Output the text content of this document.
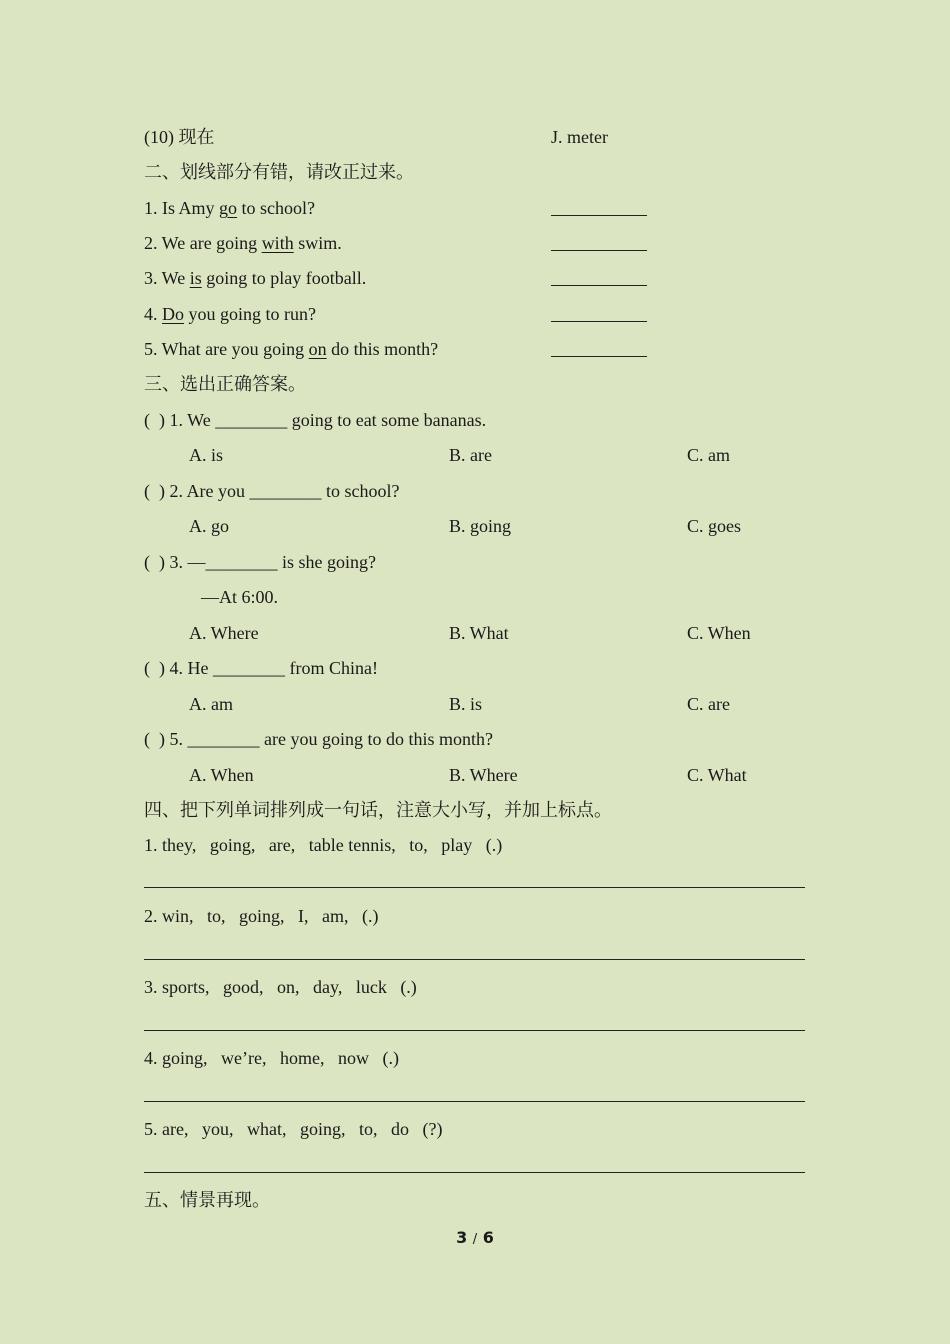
(10) 现在	J. meter
二、划线部分有错，请改正过来。
1. Is Amy go to school?
2. We are going with swim.
3. We is going to play football.
4. Do you going to run?
5. What are you going on do this month?
三、选出正确答案。
(  ) 1. We ________ going to eat some bananas.
A. is	B. are	C. am
(  ) 2. Are you ________ to school?
A. go	B. going	C. goes
(  ) 3. —________ is she going?
—At 6:00.
A. Where	B. What	C. When
(  ) 4. He ________ from China!
A. am	B. is	C. are
(  ) 5. ________ are you going to do this month?
A. When	B. Where	C. What
四、把下列单词排列成一句话，注意大小写，并加上标点。
1. they,   going,   are,   table tennis,   to,   play   (.)
2. win,   to,   going,   I,   am,   (.)
3. sports,   good,   on,   day,   luck   (.)
4. going,   we’re,   home,   now   (.)
5. are,   you,   what,   going,   to,   do   (?)
五、情景再现。
3 / 6
